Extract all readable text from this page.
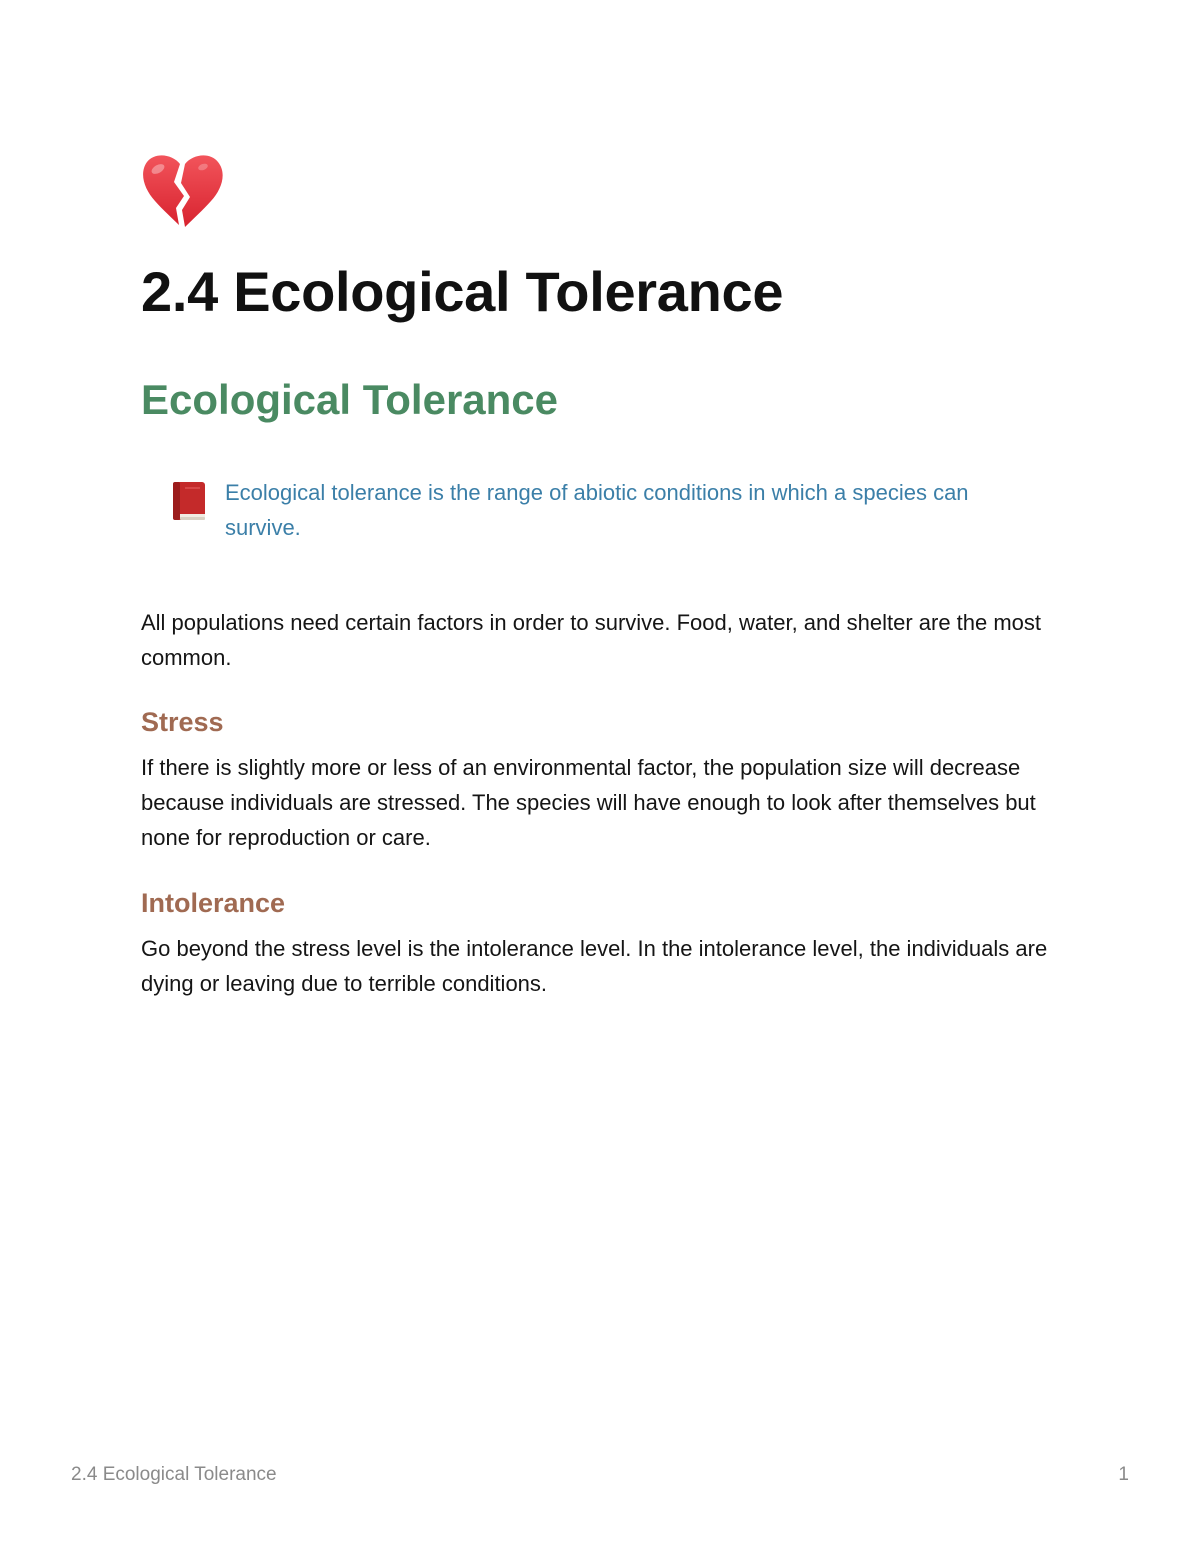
2.4 Ecological Tolerance
Ecological Tolerance
Ecological tolerance is the range of abiotic conditions in which a species can survive.

All populations need certain factors in order to survive. Food, water, and shelter are the most common.

Stress

If there is slightly more or less of an environmental factor, the population size will decrease because individuals are stressed. The species will have enough to look after themselves but none for reproduction or care.

Intolerance

Go beyond the stress level is the intolerance level. In the intolerance level, the individuals are dying or leaving due to terrible conditions.

2.4 Ecological Tolerance	1
